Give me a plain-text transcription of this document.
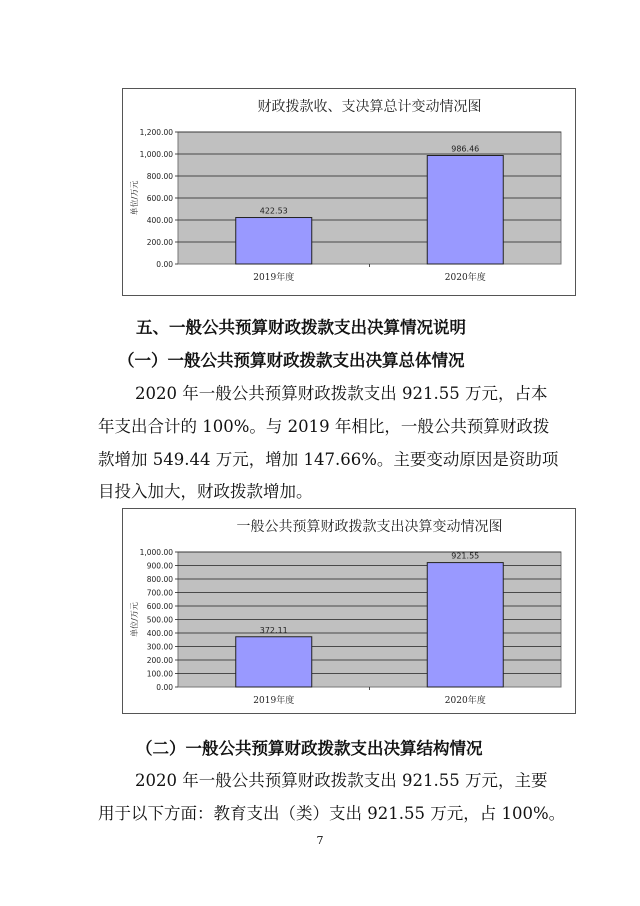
财政拨款收、支决算总计变动情况图
0.00
200.00
400.00
600.00
800.00
1,000.00
1,200.00
单位/万元	422.53
2019年度
986.46
2020年度
五、一般公共预算财政拨款支出决算情况说明
（一）一般公共预算财政拨款支出决算总体情况
2020 年一般公共预算财政拨款支出 921.55 万元，占本
年支出合计的 100%。与 2019 年相比，一般公共预算财政拨
款增加 549.44 万元，增加 147.66%。主要变动原因是资助项
目投入加大，财政拨款增加。
一般公共预算财政拨款支出决算变动情况图
0.00
100.00
200.00
300.00
400.00
500.00
600.00
700.00
800.00
900.00
1,000.00
单位/万元	372.11
2019年度
921.55
2020年度
（二）一般公共预算财政拨款支出决算结构情况
2020 年一般公共预算财政拨款支出 921.55 万元，主要
用于以下方面：教育支出（类）支出 921.55 万元，占 100%。
7
